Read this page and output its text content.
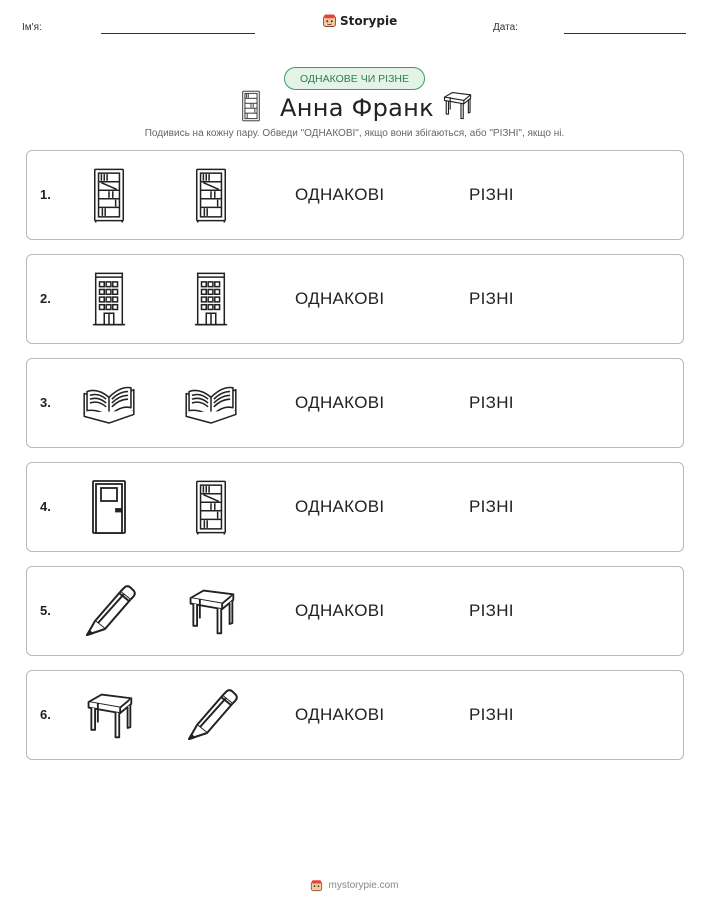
Ім'я:	Storypie	Дата:
ОДНАКОВЕ ЧИ РІЗНЕ
Анна Франк
Подивись на кожну пару. Обведи "ОДНАКОВІ", якщо вони збігаються, або "РІЗНІ", якщо ні.
1.	ОДНАКОВІ	РІЗНІ
2.	ОДНАКОВІ	РІЗНІ
3.	ОДНАКОВІ	РІЗНІ
4.	ОДНАКОВІ	РІЗНІ
5.	ОДНАКОВІ	РІЗНІ
6.	ОДНАКОВІ	РІЗНІ
mystorypie.com
